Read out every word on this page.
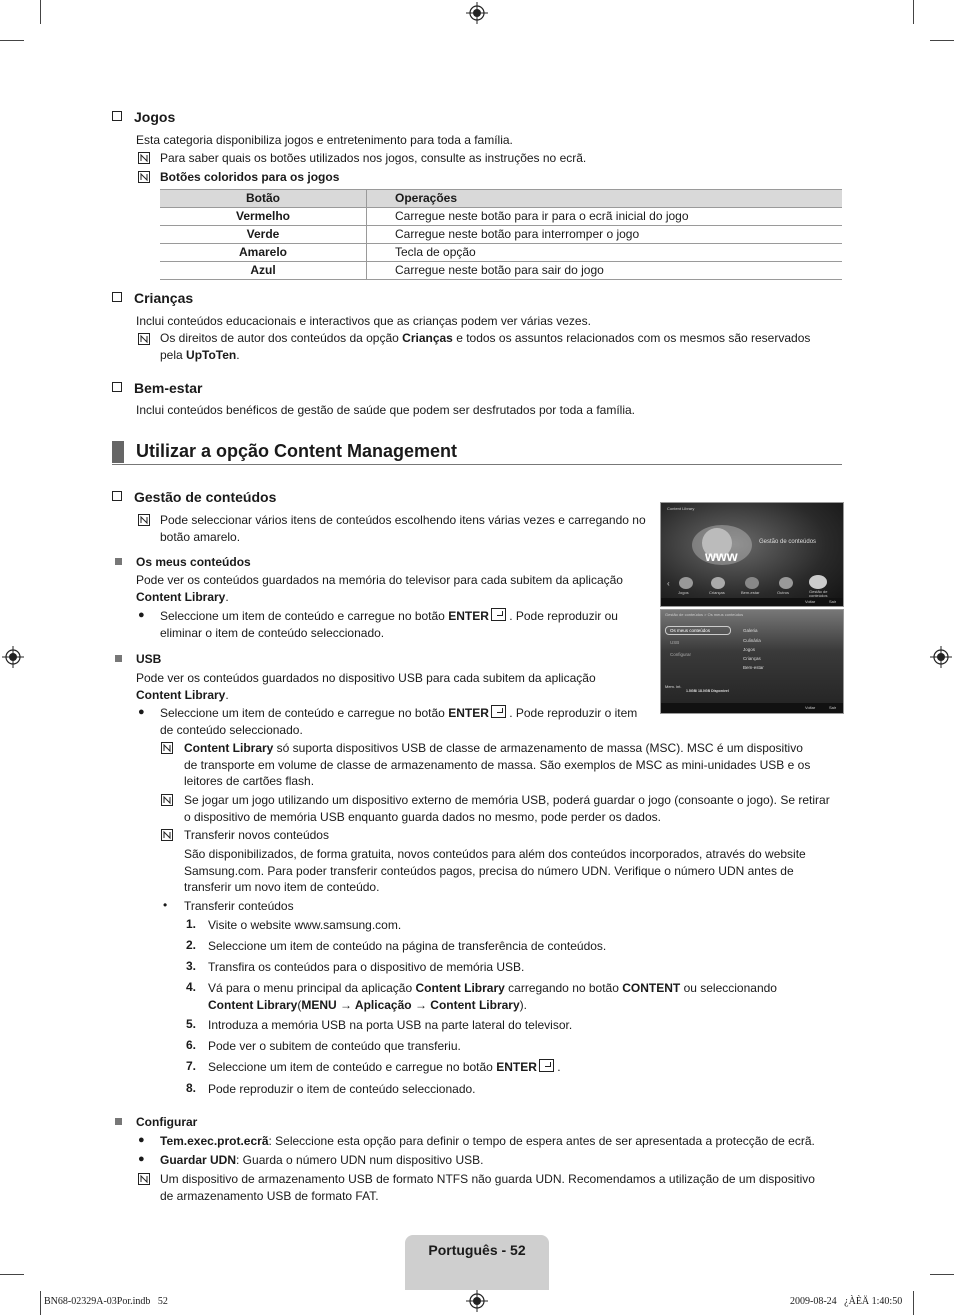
Jogos
Esta categoria disponibiliza jogos e entretenimento para toda a família.
Para saber quais os botões utilizados nos jogos, consulte as instruções no ecrã.
Botões coloridos para os jogos
Botão	Operações
Vermelho	Carregue neste botão para ir para o ecrã inicial do jogo
Verde	Carregue neste botão para interromper o jogo
Amarelo	Tecla de opção
Azul	Carregue neste botão para sair do jogo
Crianças
Inclui conteúdos educacionais e interactivos que as crianças podem ver várias vezes.
Os direitos de autor dos conteúdos da opção Crianças e todos os assuntos relacionados com os mesmos são reservados
pela UpToTen.
Bem-estar
Inclui conteúdos benéficos de gestão de saúde que podem ser desfrutados por toda a família.
Utilizar a opção Content Management
Gestão de conteúdos
Pode seleccionar vários itens de conteúdos escolhendo itens várias vezes e carregando no
botão amarelo.
Os meus conteúdos
Pode ver os conteúdos guardados na memória do televisor para cada subitem da aplicação
Content Library.
● Seleccione um item de conteúdo e carregue no botão ENTER . Pode reproduzir ou
eliminar o item de conteúdo seleccionado.
USB
Pode ver os conteúdos guardados no dispositivo USB para cada subitem da aplicação
Content Library.
● Seleccione um item de conteúdo e carregue no botão ENTER . Pode reproduzir o item
de conteúdo seleccionado.
Content Library só suporta dispositivos USB de classe de armazenamento de massa (MSC). MSC é um dispositivo
de transporte em volume de classe de armazenamento de massa. São exemplos de MSC as mini-unidades USB e os
leitores de cartões flash.
Se jogar um jogo utilizando um dispositivo externo de memória USB, poderá guardar o jogo (consoante o jogo). Se retirar
o dispositivo de memória USB enquanto guarda dados no mesmo, pode perder os dados.
Transferir novos conteúdos
São disponibilizados, de forma gratuita, novos conteúdos para além dos conteúdos incorporados, através do website
Samsung.com. Para poder transferir conteúdos pagos, precisa do número UDN. Verifique o número UDN antes de
transferir um novo item de conteúdo.
• Transferir conteúdos
1. Visite o website www.samsung.com.
2. Seleccione um item de conteúdo na página de transferência de conteúdos.
3. Transfira os conteúdos para o dispositivo de memória USB.
4. Vá para o menu principal da aplicação Content Library carregando no botão CONTENT ou seleccionando
Content Library(MENU → Aplicação → Content Library).
5. Introduza a memória USB na porta USB na parte lateral do televisor.
6. Pode ver o subitem de conteúdo que transferiu.
7. Seleccione um item de conteúdo e carregue no botão ENTER .
8. Pode reproduzir o item de conteúdo seleccionado.
Configurar
● Tem.exec.prot.ecrã: Seleccione esta opção para definir o tempo de espera antes de ser apresentada a protecção de ecrã.
● Guardar UDN: Guarda o número UDN num dispositivo USB.
Um dispositivo de armazenamento USB de formato NTFS não guarda UDN. Recomendamos a utilização de um dispositivo
de armazenamento USB de formato FAT.
Content Library
www
Gestão de conteúdos
‹
Jogos	Crianças	Bem-estar	Outros	Gestão de conteúdos
Voltar	Sair
Gestão de conteúdos > Os meus conteúdos
Os meus conteúdos
USB
Configurar
Mem. int.
1.5GB/ 18.0GB Disponível
Galeria
Culinária
Jogos
Crianças
Bem-estar
Voltar	Sair
Português - 52
BN68-02329A-03Por.indb   52	2009-08-24   ¿ÀÈÄ 1:40:50
